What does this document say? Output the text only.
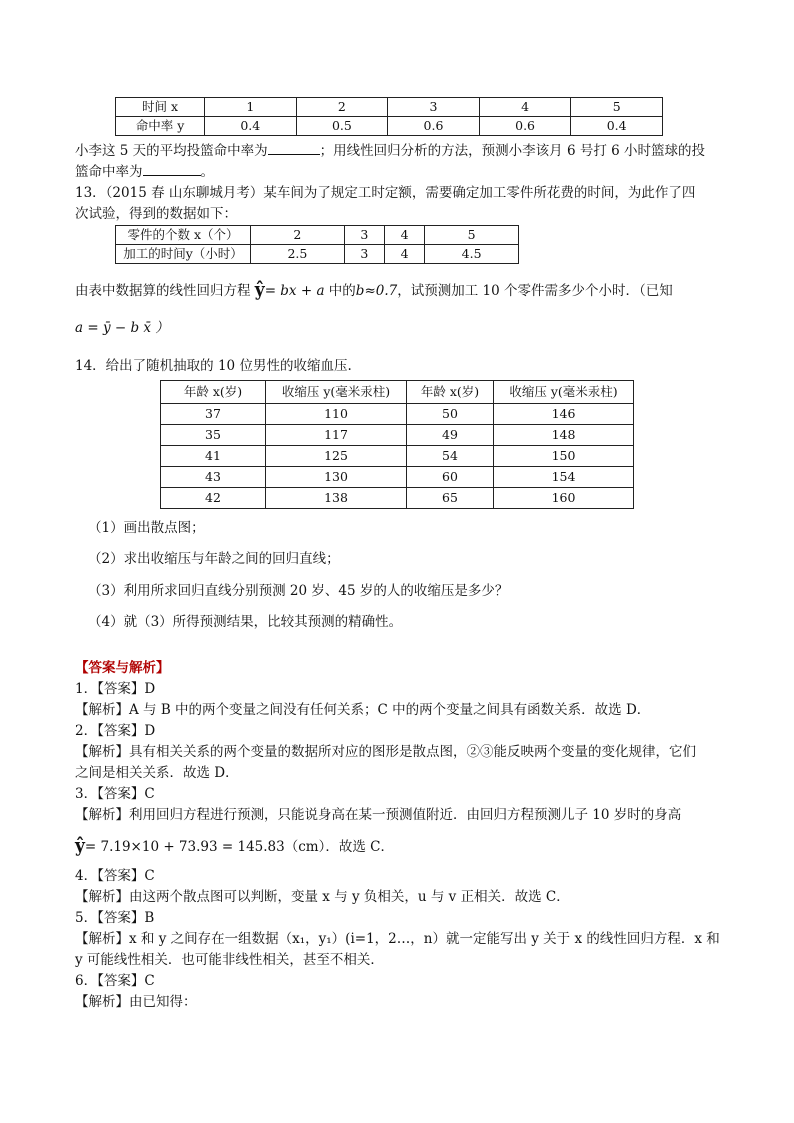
时间 x	1	2	3	4	5
命中率 y	0.4	0.5	0.6	0.6	0.4
小李这 5 天的平均投篮命中率为	；用线性回归分析的方法，预测小李该月 6 号打 6 小时篮球的投
篮命中率为	。
13．（2015 春 山东聊城月考）某车间为了规定工时定额，需要确定加工零件所花费的时间，为此作了四
次试验，得到的数据如下：
零件的个数 x（个）	2	3	4	5
加工的时间y（小时）	2.5	3	4	4.5
由表中数据算的线性回归方程 ŷ= bx + a 中的b≈0.7，试预测加工 10 个零件需多少个小时．（已知
a = ȳ − b x̄ ）
14．给出了随机抽取的 10 位男性的收缩血压.
年龄 x(岁)	收缩压 y(毫米汞柱)	年龄 x(岁)	收缩压 y(毫米汞柱)
37	110	50	146
35	117	49	148
41	125	54	150
43	130	60	154
42	138	65	160
（1）画出散点图；
（2）求出收缩压与年龄之间的回归直线；
（3）利用所求回归直线分别预测 20 岁、45 岁的人的收缩压是多少？
（4）就（3）所得预测结果，比较其预测的精确性。
【答案与解析】
1．【答案】D
【解析】A 与 B 中的两个变量之间没有任何关系；C 中的两个变量之间具有函数关系．故选 D．
2．【答案】D
【解析】具有相关关系的两个变量的数据所对应的图形是散点图，②③能反映两个变量的变化规律，它们
之间是相关关系．故选 D．
3．【答案】C
【解析】利用回归方程进行预测，只能说身高在某一预测值附近．由回归方程预测儿子 10 岁时的身高
ŷ= 7.19×10 + 73.93 = 145.83（cm）．故选 C．
4．【答案】C
【解析】由这两个散点图可以判断，变量 x 与 y 负相关，u 与 v 正相关．故选 C．
5．【答案】B
【解析】x 和 y 之间存在一组数据（x₁，y₁）(i=1，2…，n）就一定能写出 y 关于 x 的线性回归方程．x 和
y 可能线性相关．也可能非线性相关，甚至不相关．
6．【答案】C
【解析】由已知得：
